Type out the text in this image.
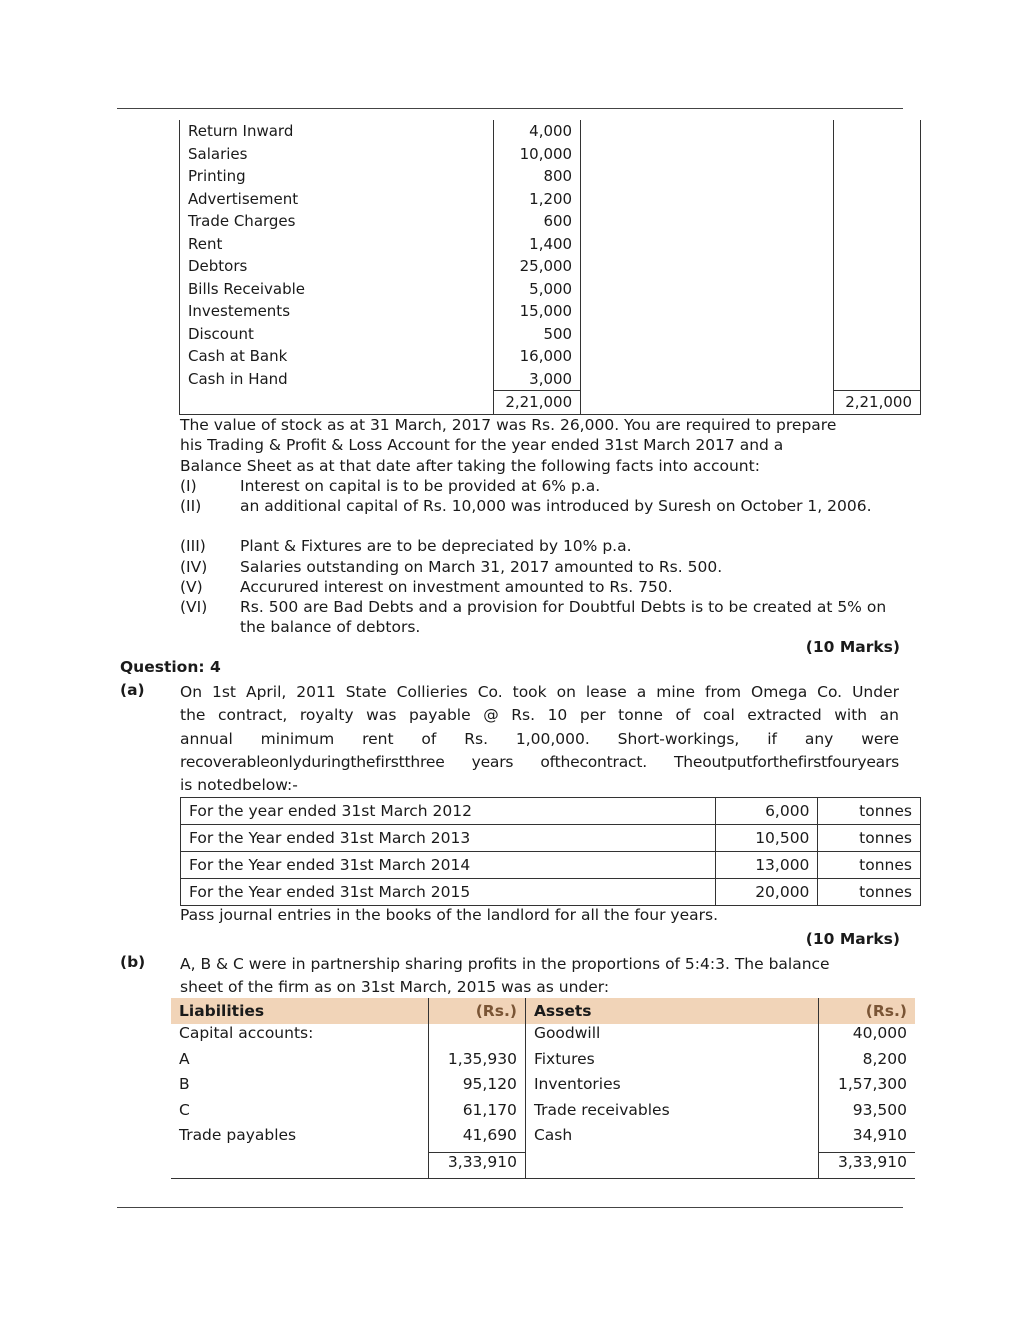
Return Inward	4,000		
Salaries	10,000		
Printing	800		
Advertisement	1,200		
Trade Charges	600		
Rent	1,400		
Debtors	25,000		
Bills Receivable	5,000		
Investements	15,000		
Discount	500		
Cash at Bank	16,000		
Cash in Hand	3,000		
	2,21,000		2,21,000
The value of stock as at 31 March, 2017 was Rs. 26,000. You are required to prepare
his Trading & Profit & Loss Account for the year ended 31st March 2017 and a
Balance Sheet as at that date after taking the following facts into account:
(I)	Interest on capital is to be provided at 6% p.a.
(II)	an additional capital of Rs. 10,000 was introduced by Suresh on October 1, 2006.
(III) Plant & Fixtures are to be depreciated by 10% p.a.
(IV) Salaries outstanding on March 31, 2017 amounted to Rs. 500.
(V) Accurured interest on investment amounted to Rs. 750.
(VI) Rs. 500 are Bad Debts and a provision for Doubtful Debts is to be created at 5% on the balance of debtors.
(10 Marks)
Question: 4
(a) On 1st April, 2011 State Collieries Co. took on lease a mine from Omega Co. Under
the contract, royalty was payable @ Rs. 10 per tonne of coal extracted with an
annual minimum rent of Rs. 1,00,000. Short-workings, if any were
recoverableonlyduringthefirstthree years ofthecontract. Theoutputforthefirstfouryears
is notedbelow:-
For the year ended 31st March 2012	6,000	tonnes
For the Year ended 31st March 2013	10,500	tonnes
For the Year ended 31st March 2014	13,000	tonnes
For the Year ended 31st March 2015	20,000	tonnes
Pass journal entries in the books of the landlord for all the four years.
(10 Marks)
(b) A, B & C were in partnership sharing profits in the proportions of 5:4:3. The balance
sheet of the firm as on 31st March, 2015 was as under:
Liabilities	(Rs.)	Assets	(Rs.)
Capital accounts:		Goodwill	40,000
A	1,35,930	Fixtures	8,200
B	95,120	Inventories	1,57,300
C	61,170	Trade receivables	93,500
Trade payables	41,690	Cash	34,910
	3,33,910		3,33,910
